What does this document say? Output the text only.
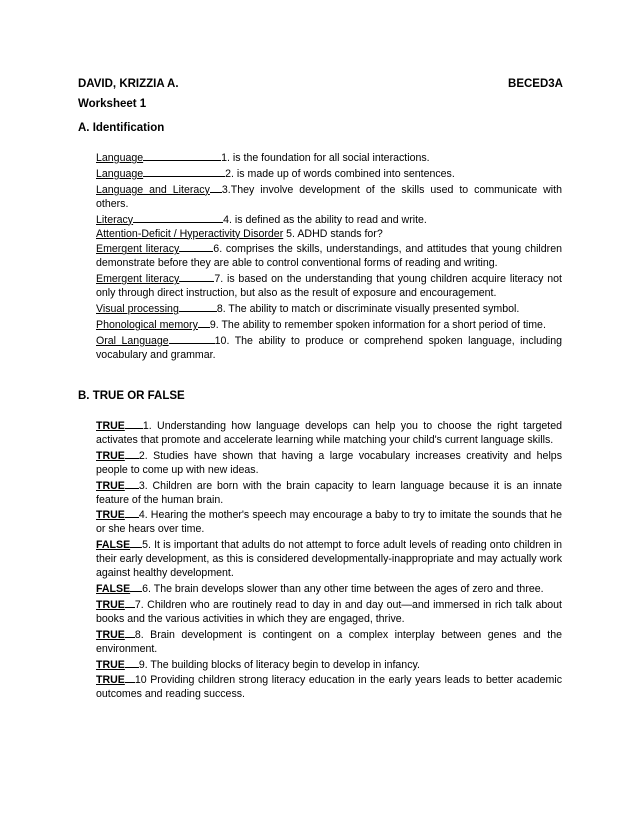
DAVID, KRIZZIA A.	BECED3A
Worksheet 1
A. Identification

Language	1. is the foundation for all social interactions.

Language	2. is made up of words combined into sentences.

Language and Literacy 3.They involve development of the skills used to communicate with others.

Literacy	4. is defined as the ability to read and write.

Attention-Deficit / Hyperactivity Disorder 5. ADHD stands for?

Emergent literacy	6. comprises the skills, understandings, and attitudes that young children demonstrate before they are able to control conventional forms of reading and writing.

Emergent literacy	7. is based on the understanding that young children acquire literacy not only through direct instruction, but also as the result of exposure and encouragement.

Visual processing	8. The ability to match or discriminate visually presented symbol.

Phonological memory 9. The ability to remember spoken information for a short period of time.

Oral Language	10. The ability to produce or comprehend spoken language, including vocabulary and grammar.

B. TRUE OR FALSE

TRUE 1. Understanding how language develops can help you to choose the right targeted activates that promote and accelerate learning while matching your child's current language skills.

TRUE 2. Studies have shown that having a large vocabulary increases creativity and helps people to come up with new ideas.

TRUE 3. Children are born with the brain capacity to learn language because it is an innate feature of the human brain.

TRUE 4. Hearing the mother's speech may encourage a baby to try to imitate the sounds that he or she hears over time.

FALSE 5. It is important that adults do not attempt to force adult levels of reading onto children in their early development, as this is considered developmentally-inappropriate and may actually work against healthy development.

FALSE 6. The brain develops slower than any other time between the ages of zero and three.

TRUE 7. Children who are routinely read to day in and day out—and immersed in rich talk about books and the various activities in which they are engaged, thrive.

TRUE 8. Brain development is contingent on a complex interplay between genes and the environment.

TRUE 9. The building blocks of literacy begin to develop in infancy.

TRUE 10 Providing children strong literacy education in the early years leads to better academic outcomes and reading success.
